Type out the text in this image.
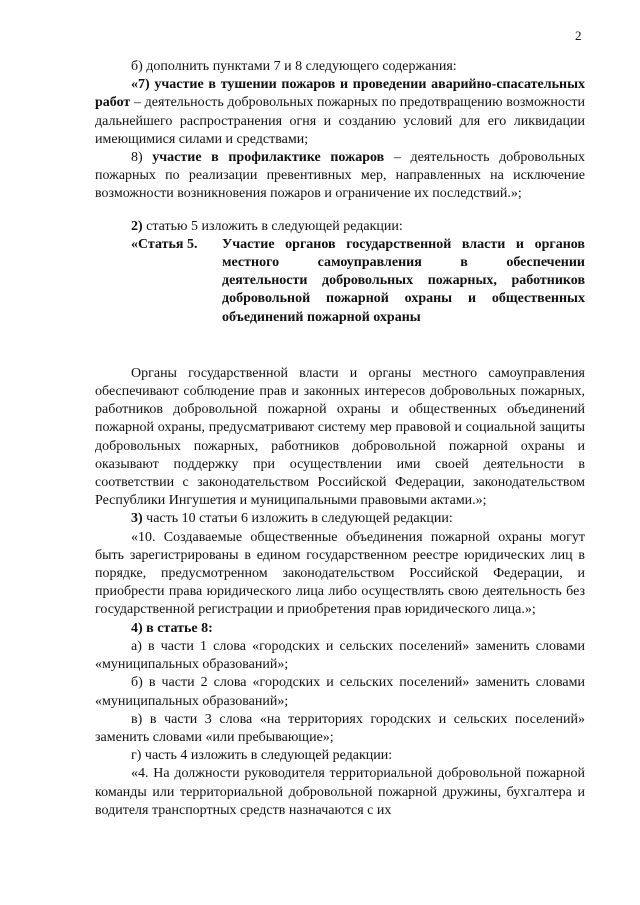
2

б) дополнить пунктами 7 и 8 следующего содержания:

«7) участие в тушении пожаров и проведении аварийно-спасательных работ – деятельность добровольных пожарных по предотвращению возможности дальнейшего распространения огня и созданию условий для его ликвидации имеющимися силами и средствами;

8) участие в профилактике пожаров – деятельность добровольных пожарных по реализации превентивных мер, направленных на исключение возможности возникновения пожаров и ограничение их последствий.»;

2) статью 5 изложить в следующей редакции:

«Статья 5.	Участие органов государственной власти и органов
местного самоуправления в обеспечении
деятельности добровольных пожарных, работников
добровольной пожарной охраны и общественных
объединений пожарной охраны

Органы государственной власти и органы местного самоуправления обеспечивают соблюдение прав и законных интересов добровольных пожарных, работников добровольной пожарной охраны и общественных объединений пожарной охраны, предусматривают систему мер правовой и социальной защиты добровольных пожарных, работников добровольной пожарной охраны и оказывают поддержку при осуществлении ими своей деятельности в соответствии с законодательством Российской Федерации, законодательством Республики Ингушетия и муниципальными правовыми актами.»;

3) часть 10 статьи 6 изложить в следующей редакции:

«10. Создаваемые общественные объединения пожарной охраны могут быть зарегистрированы в едином государственном реестре юридических лиц в порядке, предусмотренном законодательством Российской Федерации, и приобрести права юридического лица либо осуществлять свою деятельность без государственной регистрации и приобретения прав юридического лица.»;

4) в статье 8:

а) в части 1 слова «городских и сельских поселений» заменить словами «муниципальных образований»;

б) в части 2 слова «городских и сельских поселений» заменить словами «муниципальных образований»;

в) в части 3 слова «на территориях городских и сельских поселений» заменить словами «или пребывающие»;

г) часть 4 изложить в следующей редакции:

«4. На должности руководителя территориальной добровольной пожарной команды или территориальной добровольной пожарной дружины, бухгалтера и водителя транспортных средств назначаются с их
